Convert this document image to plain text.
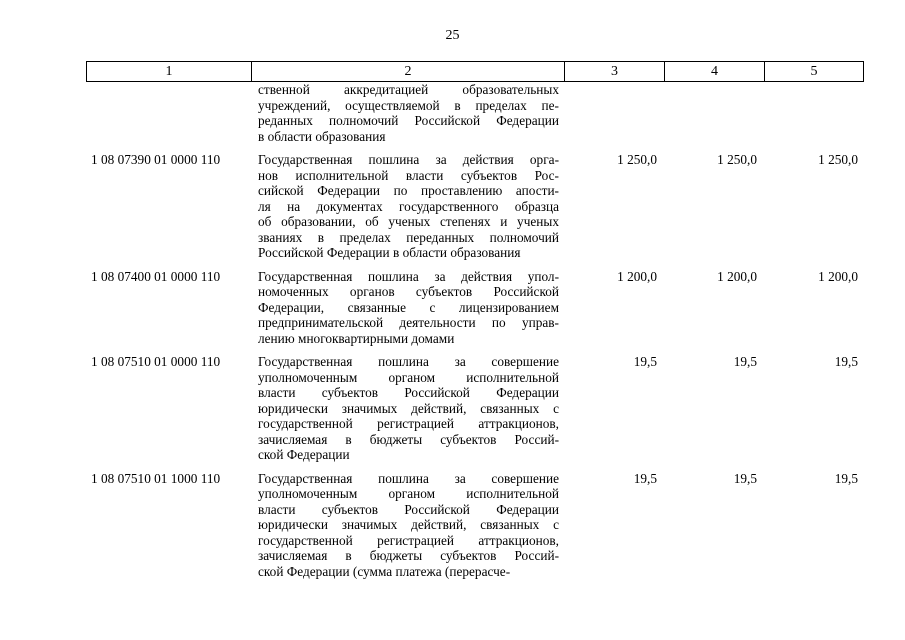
25
1	2	3	4	5
ственной аккредитацией образовательных
учреждений, осуществляемой в пределах пе-
реданных полномочий Российской Федерации
в области образования
1 08 07390 01 0000 110	Государственная пошлина за действия орга-
нов исполнительной власти субъектов Рос-
сийской Федерации по проставлению апости-
ля на документах государственного образца
об образовании, об ученых степенях и ученых
званиях в пределах переданных полномочий
Российской Федерации в области образования
1 250,0	1 250,0	1 250,0
1 08 07400 01 0000 110	Государственная пошлина за действия упол-
номоченных органов субъектов Российской
Федерации, связанные с лицензированием
предпринимательской деятельности по управ-
лению многоквартирными домами
1 200,0	1 200,0	1 200,0
1 08 07510 01 0000 110	Государственная пошлина за совершение
уполномоченным органом исполнительной
власти субъектов Российской Федерации
юридически значимых действий, связанных с
государственной регистрацией аттракционов,
зачисляемая в бюджеты субъектов Россий-
ской Федерации
19,5	19,5	19,5
1 08 07510 01 1000 110	Государственная пошлина за совершение
уполномоченным органом исполнительной
власти субъектов Российской Федерации
юридически значимых действий, связанных с
государственной регистрацией аттракционов,
зачисляемая в бюджеты субъектов Россий-
ской Федерации (сумма платежа (перерасче-
19,5	19,5	19,5
